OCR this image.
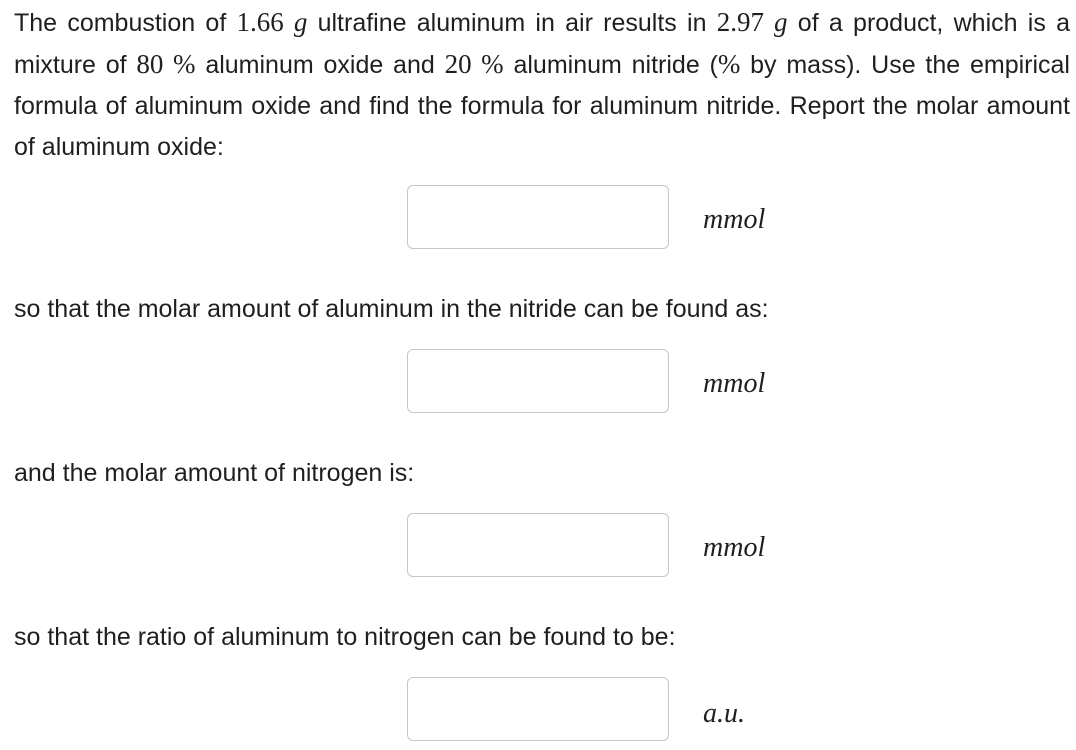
The combustion of 1.66 g ultrafine aluminum in air results in 2.97 g of a product, which is a mixture of 80 % aluminum oxide and 20 % aluminum nitride (% by mass). Use the empirical formula of aluminum oxide and find the formula for aluminum nitride. Report the molar amount of aluminum oxide:

mmol

so that the molar amount of aluminum in the nitride can be found as:

mmol

and the molar amount of nitrogen is:

mmol

so that the ratio of aluminum to nitrogen can be found to be:

a.u.
